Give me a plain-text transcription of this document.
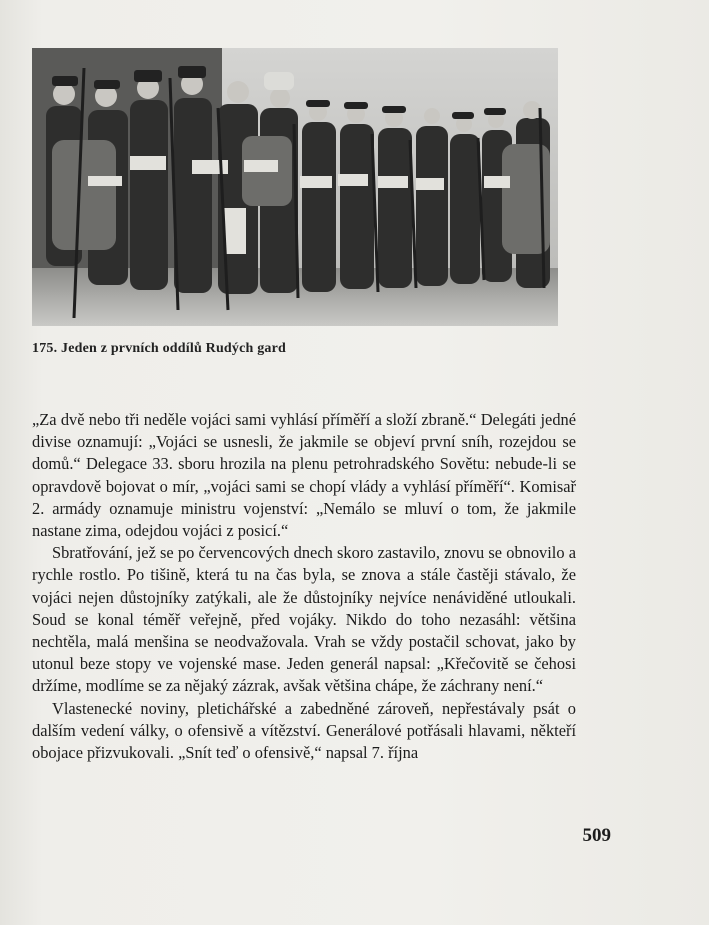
175. Jeden z prvních oddílů Rudých gard

„Za dvě nebo tři neděle vojáci sami vyhlásí příměří a složí zbraně.“ Delegáti jedné divise oznamují: „Vojáci se usnesli, že jakmile se objeví první sníh, rozejdou se domů.“ Delegace 33. sboru hrozila na plenu petrohradského Sovětu: nebude-li se opravdově bojovat o mír, „vojáci sami se chopí vlády a vyhlásí příměří“. Komisař 2. armády oznamuje ministru vojenství: „Nemálo se mluví o tom, že jakmile nastane zima, odejdou vojáci z posicí.“

Sbratřování, jež se po červencových dnech skoro zastavilo, znovu se obnovilo a rychle rostlo. Po tišině, která tu na čas byla, se znova a stále častěji stávalo, že vojáci nejen důstojníky zatýkali, ale že důstojníky nejvíce nenáviděné utloukali. Soud se konal téměř veřejně, před vojáky. Nikdo do toho nezasáhl: většina nechtěla, malá menšina se neodvažovala. Vrah se vždy postačil schovat, jako by utonul beze stopy ve vojenské mase. Jeden generál napsal: „Křečovitě se čehosi držíme, modlíme se za nějaký zázrak, avšak většina chápe, že záchrany není.“

Vlastenecké noviny, pletichářské a zabedněné zároveň, nepřestávaly psát o dalším vedení války, o ofensivě a vítězství. Generálové potřásali hlavami, někteří obojace přizvukovali. „Snít teď o ofensivě,“ napsal 7. října

509
